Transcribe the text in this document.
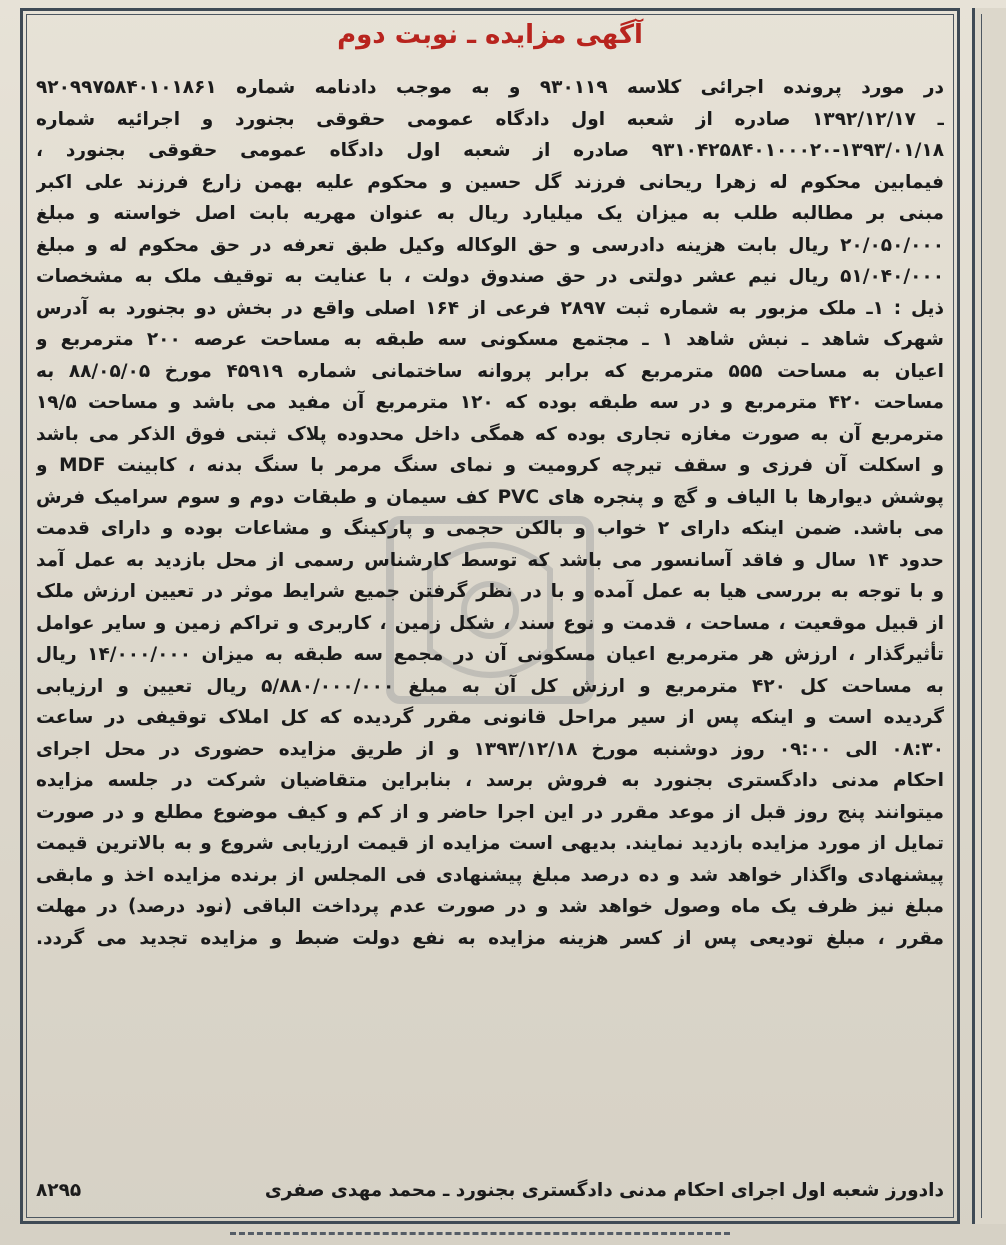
آگهی مزایده ـ نوبت دوم
در مورد پرونده اجرائی کلاسه ۹۳۰۱۱۹ و به موجب دادنامه شماره ۹۲۰۹۹۷۵۸۴۰۱۰۱۸۶۱
ـ ۱۳۹۲/۱۲/۱۷ صادره از شعبه اول دادگاه عمومی حقوقی بجنورد و اجرائیه شماره
۹۳۱۰۴۲۵۸۴۰۱۰۰۰۲۰-۱۳۹۳/۰۱/۱۸ صادره از شعبه اول دادگاه عمومی حقوقی بجنورد ،
فیمابین محکوم له زهرا ریحانی فرزند گل حسین و محکوم علیه بهمن زارع فرزند علی اکبر
مبنی بر مطالبه طلب به میزان یک میلیارد ریال به عنوان مهریه بابت اصل خواسته و مبلغ
۲۰/۰۵۰/۰۰۰ ریال بابت هزینه دادرسی و حق الوکاله وکیل طبق تعرفه در حق محکوم له و مبلغ
۵۱/۰۴۰/۰۰۰ ریال نیم عشر دولتی در حق صندوق دولت ، با عنایت به توقیف ملک به مشخصات
ذیل : ۱ـ ملک مزبور به شماره ثبت ۲۸۹۷ فرعی از ۱۶۴ اصلی واقع در بخش دو بجنورد به آدرس
شهرک شاهد ـ نبش شاهد ۱ ـ مجتمع مسکونی سه طبقه به مساحت عرصه ۲۰۰ مترمربع و
اعیان به مساحت ۵۵۵ مترمربع که برابر پروانه ساختمانی شماره ۴۵۹۱۹ مورخ ۸۸/۰۵/۰۵ به
مساحت ۴۲۰ مترمربع و در سه طبقه بوده که ۱۲۰ مترمربع آن مفید می باشد و مساحت ۱۹/۵
مترمربع آن به صورت مغازه تجاری بوده که همگی داخل محدوده پلاک ثبتی فوق الذکر می باشد
و اسکلت آن فرزی و سقف تیرچه کرومیت و نمای سنگ مرمر با سنگ بدنه ، کابینت MDF و
پوشش دیوارها با الیاف و گچ و پنجره های PVC کف سیمان و طبقات دوم و سوم سرامیک فرش
می باشد. ضمن اینکه دارای ۲ خواب و بالکن حجمی و پارکینگ و مشاعات بوده و دارای قدمت
حدود ۱۴ سال و فاقد آسانسور می باشد که توسط کارشناس رسمی از محل بازدید به عمل آمد
و با توجه به بررسی هیا به عمل آمده و با در نظر گرفتن جمیع شرایط موثر در تعیین ارزش ملک
از قبیل موقعیت ، مساحت ، قدمت و نوع سند ، شکل زمین ، کاربری و تراکم زمین و سایر عوامل
تأثیرگذار ، ارزش هر مترمربع اعیان مسکونی آن در مجمع سه طبقه به میزان ۱۴/۰۰۰/۰۰۰ ریال
به مساحت کل ۴۲۰ مترمربع و ارزش کل آن به مبلغ ۵/۸۸۰/۰۰۰/۰۰۰ ریال تعیین و ارزیابی
گردیده است و اینکه پس از سیر مراحل قانونی مقرر گردیده که کل املاک توقیفی در ساعت
۰۸:۳۰ الی ۰۹:۰۰ روز دوشنبه مورخ ۱۳۹۳/۱۲/۱۸ و از طریق مزایده حضوری در محل اجرای
احکام مدنی دادگستری بجنورد به فروش برسد ، بنابراین متقاضیان شرکت در جلسه مزایده
میتوانند پنج روز قبل از موعد مقرر در این اجرا حاضر و از کم و کیف موضوع مطلع و در صورت
تمایل از مورد مزایده بازدید نمایند. بدیهی است مزایده از قیمت ارزیابی شروع و به بالاترین قیمت
پیشنهادی واگذار خواهد شد و ده درصد مبلغ پیشنهادی فی المجلس از برنده مزایده اخذ و مابقی
مبلغ نیز ظرف یک ماه وصول خواهد شد و در صورت عدم پرداخت الباقی (نود درصد) در مهلت
مقرر ، مبلغ تودیعی پس از کسر هزینه مزایده به نفع دولت ضبط و مزایده تجدید می گردد.
دادورز شعبه اول اجرای احکام مدنی دادگستری بجنورد ـ محمد مهدی صفری
۸۲۹۵
